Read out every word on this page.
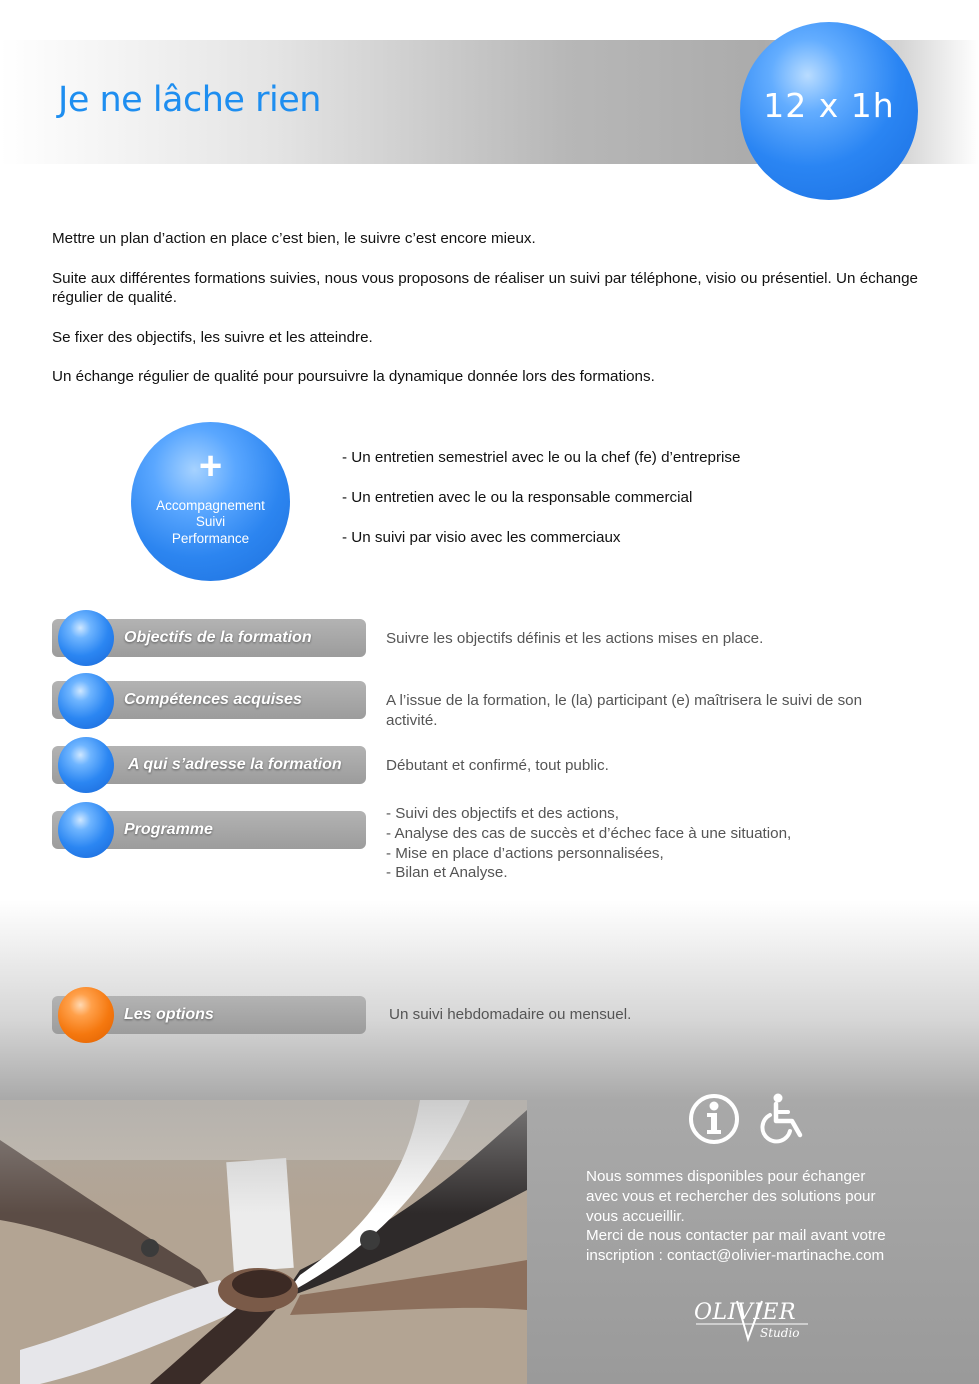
Je ne lâche rien	12 x 1h

Mettre un plan d’action en place c’est bien, le suivre c’est encore mieux.

Suite aux différentes formations suivies, nous vous proposons de réaliser un suivi par téléphone, visio ou présentiel. Un échange régulier de qualité.

Se fixer des objectifs, les suivre et les atteindre.

Un échange régulier de qualité pour poursuivre la dynamique donnée lors des formations.

+
Accompagnement
Suivi
Performance
- Un entretien semestriel avec le ou la chef (fe) d’entreprise
- Un entretien avec le ou la responsable commercial
- Un suivi par visio avec les commerciaux
Objectifs de la formation	Suivre les objectifs définis et les actions mises en place.
Compétences acquises	A l’issue de la formation, le (la) participant (e) maîtrisera le suivi de son activité.
A qui s’adresse la formation	Débutant et confirmé, tout public.
Programme
- Suivi des objectifs et des actions,
- Analyse des cas de succès et d’échec face à une situation,
- Mise en place d’actions personnalisées,
- Bilan et Analyse.
Les options	Un suivi hebdomadaire ou mensuel.
Nous sommes disponibles pour échanger
avec vous et rechercher des solutions pour
vous accueillir.
Merci de nous contacter par mail avant votre
inscription : contact@olivier-martinache.com
OLIVIER
Studio
